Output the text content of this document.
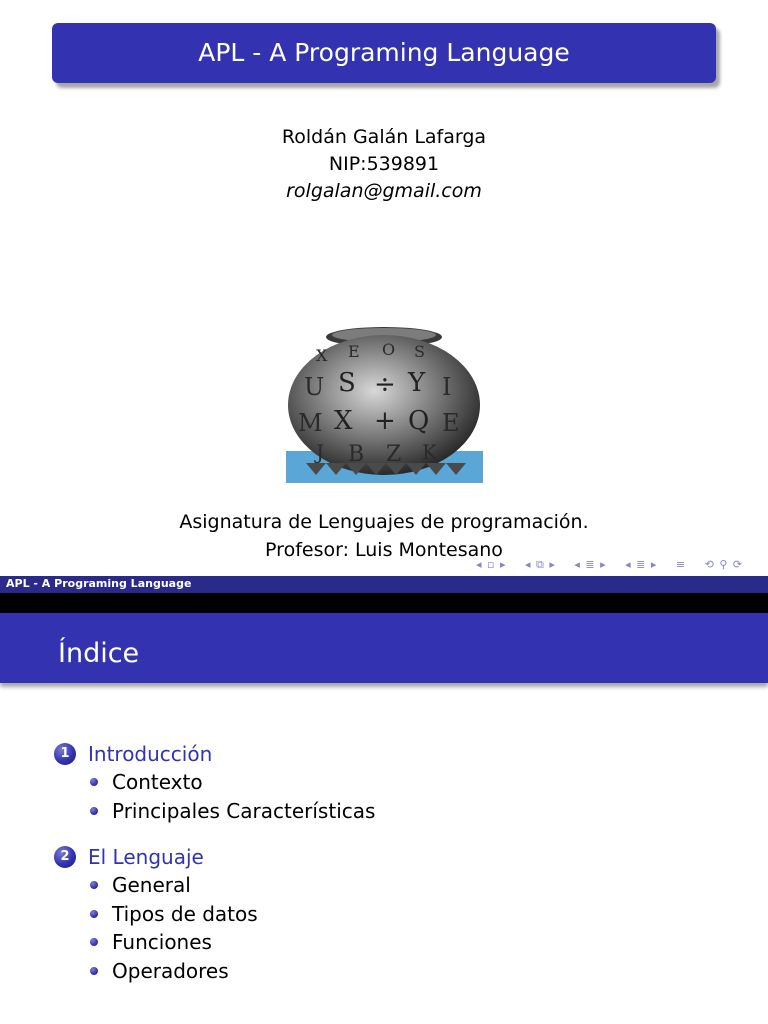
APL - A Programing Language
Roldán Galán Lafarga
NIP:539891
rolgalan@gmail.com
U S ÷ Y I
M X + Q E
J B Z K
X E O S
Asignatura de Lenguajes de programación.
Profesor: Luis Montesano
◂ ▫ ▸ ◂ ⧉ ▸ ◂ ≣ ▸ ◂ ≣ ▸ ≡ ⟲ ⚲ ⟳
APL - A Programing Language
Índice
1 Introducción
Contexto
Principales Características
2 El Lenguaje
General
Tipos de datos
Funciones
Operadores
